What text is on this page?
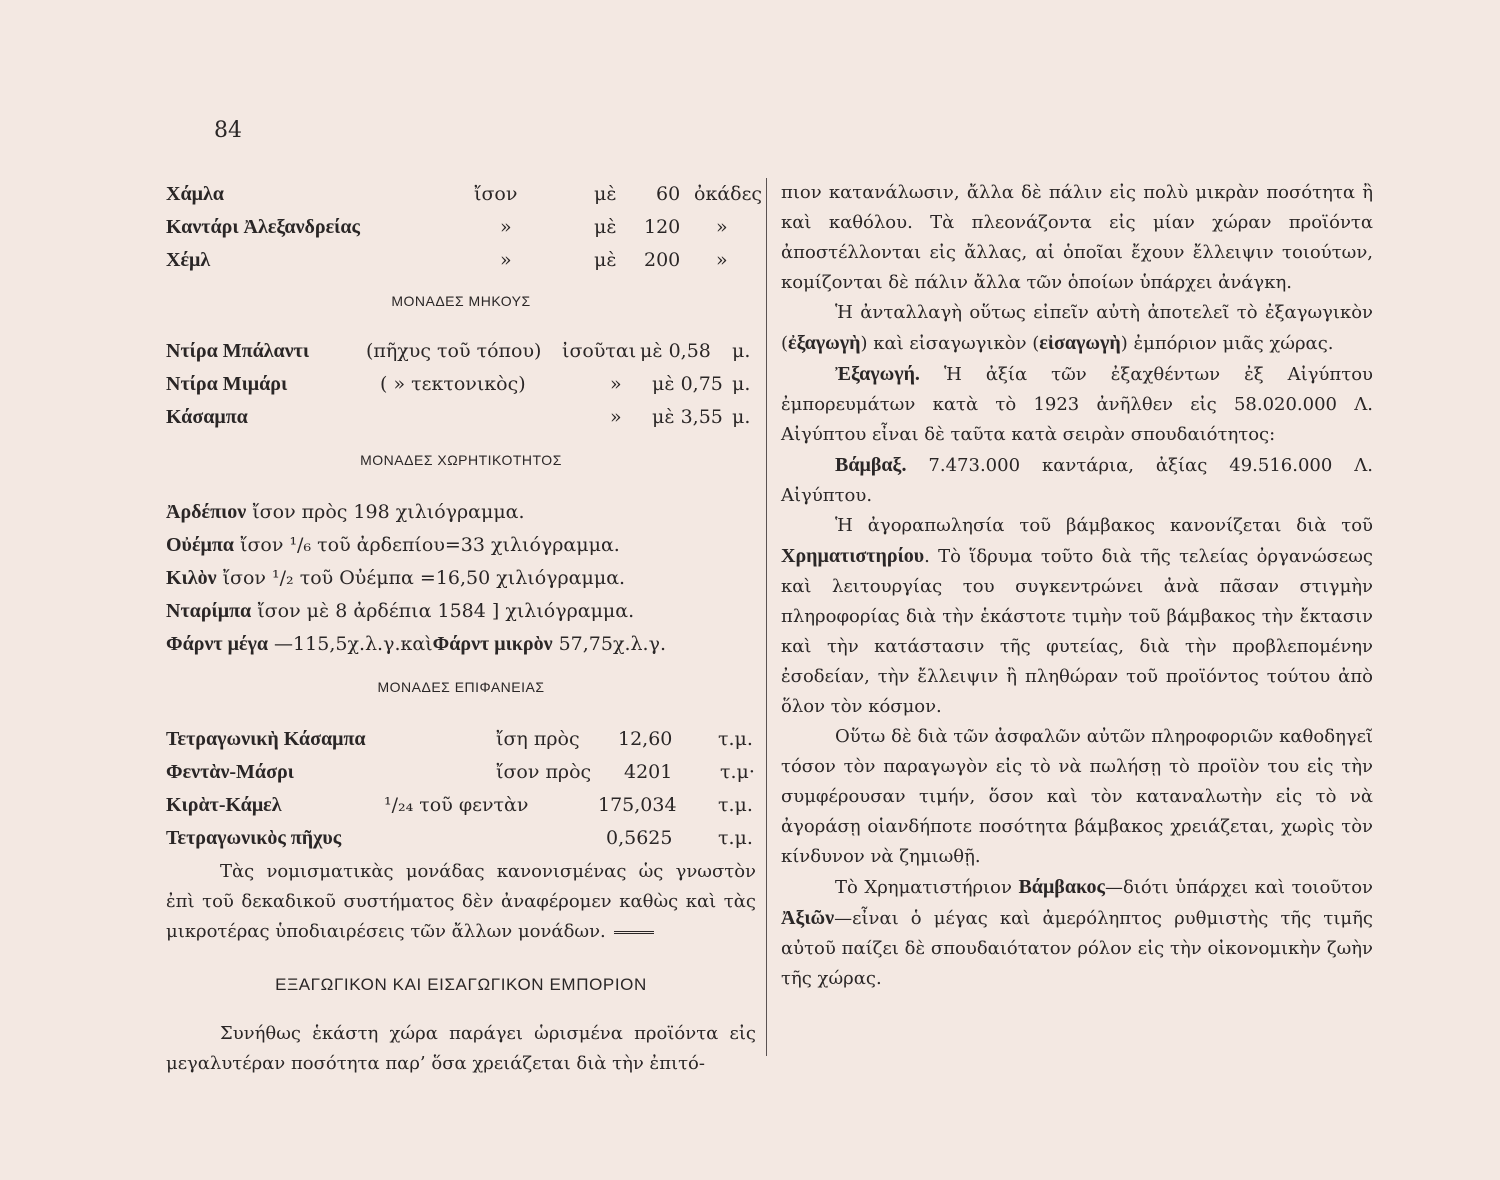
84
Χάμλα	ἴσον	μὲ 60 ὀκάδες
Καντάρι Ἀλεξανδρείας	»	μὲ 120 »
Χέμλ	»	μὲ 200 »
ΜΟΝΑΔΕΣ ΜΗΚΟΥΣ
Ντίρα Μπάλαντι	(πῆχυς τοῦ τόπου) ἰσοῦται μὲ 0,58 μ.
Ντίρα Μιμάρι	( » τεκτονικὸς)	» μὲ 0,75 μ.
Κάσαμπα	» μὲ 3,55 μ.
ΜΟΝΑΔΕΣ ΧΩΡΗΤΙΚΟΤΗΤΟΣ
Ἀρδέπιον ἴσον πρὸς 198 χιλιόγραμμα.
Οὐέμπα ἴσον ¹/₆ τοῦ ἀρδεπίου=33 χιλιόγραμμα.
Κιλὸν ἴσον ¹/₂ τοῦ Οὐέμπα =16,50 χιλιόγραμμα.
Νταρίμπα ἴσον μὲ 8 ἀρδέπια 1584 ] χιλιόγραμμα.
Φάρντ μέγα —115,5χ.λ.γ.καὶΦάρντ μικρὸν 57,75χ.λ.γ.
ΜΟΝΑΔΕΣ ΕΠΙΦΑΝΕΙΑΣ
Τετραγωνικὴ Κάσαμπα	ἴση πρὸς 12,60 τ.μ.
Φεντὰν-Μάσρι	ἴσον πρὸς 4201	τ.μ·
Κιρὰτ-Κάμελ	¹/₂₄ τοῦ φεντὰν	175,034 τ.μ.
Τετραγωνικὸς πῆχυς	0,5625 τ.μ.

Τὰς νομισματικὰς μονάδας κανονισμένας ὡς γνωστὸν ἐπὶ τοῦ δεκαδικοῦ συστήματος δὲν ἀναφέρομεν καθὼς καὶ τὰς μικροτέρας ὑποδιαιρέσεις τῶν ἄλλων μονάδων.

ΕΞΑΓΩΓΙΚΟΝ ΚΑΙ ΕΙΣΑΓΩΓΙΚΟΝ ΕΜΠΟΡΙΟΝ

Συνήθως ἑκάστη χώρα παράγει ὡρισμένα προϊόντα εἰς μεγαλυτέραν ποσότητα παρ’ ὅσα χρειάζεται διὰ τὴν ἐπιτό-

πιον κατανάλωσιν, ἄλλα δὲ πάλιν εἰς πολὺ μικρὰν ποσότητα ἢ καὶ καθόλου. Τὰ πλεονάζοντα εἰς μίαν χώραν προϊόντα ἀποστέλλονται εἰς ἄλλας, αἱ ὁποῖαι ἔχουν ἔλλειψιν τοιούτων, κομίζονται δὲ πάλιν ἄλλα τῶν ὁποίων ὑπάρχει ἀνάγκη.

Ἡ ἀνταλλαγὴ οὕτως εἰπεῖν αὐτὴ ἀποτελεῖ τὸ ἐξαγωγικὸν (ἐξαγωγὴ) καὶ εἰσαγωγικὸν (εἰσαγωγὴ) ἐμπόριον μιᾶς χώρας.

Ἐξαγωγή. Ἡ ἀξία τῶν ἐξαχθέντων ἐξ Αἰγύπτου ἐμπορευμάτων κατὰ τὸ 1923 ἀνῆλθεν εἰς 58.020.000 Λ. Αἰγύπτου εἶναι δὲ ταῦτα κατὰ σειρὰν σπουδαιότητος:

Βάμβαξ. 7.473.000 καντάρια, ἀξίας 49.516.000 Λ. Αἰγύπτου.

Ἡ ἀγοραπωλησία τοῦ βάμβακος κανονίζεται διὰ τοῦ Χρηματιστηρίου. Τὸ ἵδρυμα τοῦτο διὰ τῆς τελείας ὀργανώσεως καὶ λειτουργίας του συγκεντρώνει ἀνὰ πᾶσαν στιγμὴν πληροφορίας διὰ τὴν ἑκάστοτε τιμὴν τοῦ βάμβακος τὴν ἔκτασιν καὶ τὴν κατάστασιν τῆς φυτείας, διὰ τὴν προβλεπομένην ἐσοδείαν, τὴν ἔλλειψιν ἢ πληθώραν τοῦ προϊόντος τούτου ἀπὸ ὅλον τὸν κόσμον.

Οὕτω δὲ διὰ τῶν ἀσφαλῶν αὐτῶν πληροφοριῶν καθοδηγεῖ τόσον τὸν παραγωγὸν εἰς τὸ νὰ πωλήσῃ τὸ προϊὸν του εἰς τὴν συμφέρουσαν τιμήν, ὅσον καὶ τὸν καταναλωτὴν εἰς τὸ νὰ ἀγοράσῃ οἱανδήποτε ποσότητα βάμβακος χρειάζεται, χωρὶς τὸν κίνδυνον νὰ ζημιωθῇ.

Τὸ Χρηματιστήριον Βάμβακος—διότι ὑπάρχει καὶ τοιοῦτον Ἀξιῶν—εἶναι ὁ μέγας καὶ ἀμερόληπτος ρυθμιστὴς τῆς τιμῆς αὐτοῦ παίζει δὲ σπουδαιότατον ρόλον εἰς τὴν οἰκονομικὴν ζωὴν τῆς χώρας.
